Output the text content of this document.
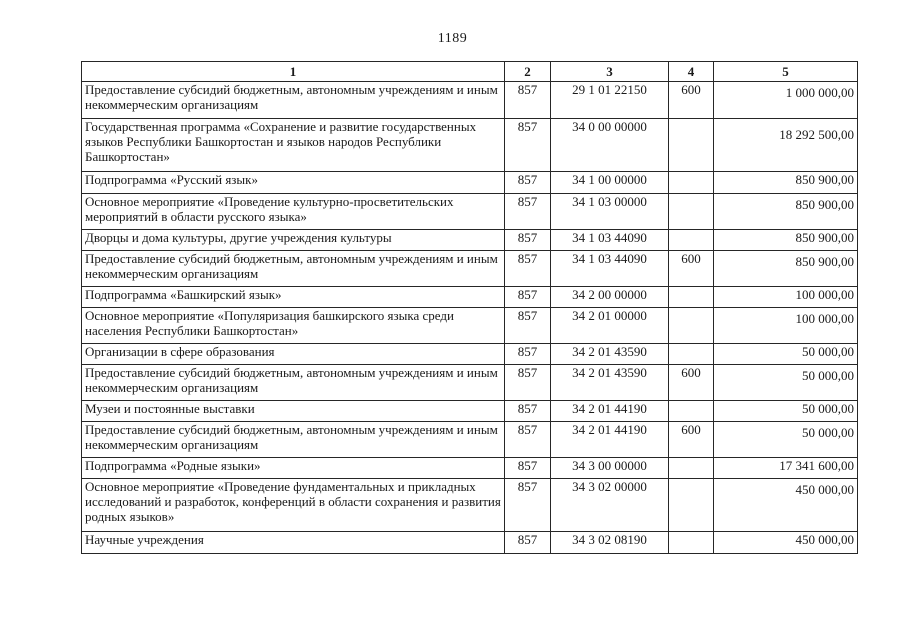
1189
1	2	3	4	5
Предоставление субсидий бюджетным, автономным учреждениям и иным некоммерческим организациям	857	29 1 01 22150	600	1 000 000,00
Государственная программа «Сохранение и развитие государственных языков Республики Башкортостан и языков народов Республики Башкортостан»	857	34 0 00 00000		18 292 500,00
Подпрограмма «Русский язык»	857	34 1 00 00000		850 900,00
Основное мероприятие «Проведение культурно-просветительских мероприятий в области русского языка»	857	34 1 03 00000		850 900,00
Дворцы и дома культуры, другие учреждения культуры	857	34 1 03 44090		850 900,00
Предоставление субсидий бюджетным, автономным учреждениям и иным некоммерческим организациям	857	34 1 03 44090	600	850 900,00
Подпрограмма «Башкирский язык»	857	34 2 00 00000		100 000,00
Основное мероприятие «Популяризация башкирского языка среди населения Республики Башкортостан»	857	34 2 01 00000		100 000,00
Организации в сфере образования	857	34 2 01 43590		50 000,00
Предоставление субсидий бюджетным, автономным учреждениям и иным некоммерческим организациям	857	34 2 01 43590	600	50 000,00
Музеи и постоянные выставки	857	34 2 01 44190		50 000,00
Предоставление субсидий бюджетным, автономным учреждениям и иным некоммерческим организациям	857	34 2 01 44190	600	50 000,00
Подпрограмма «Родные языки»	857	34 3 00 00000		17 341 600,00
Основное мероприятие «Проведение фундаментальных и прикладных исследований и разработок, конференций в области сохранения и развития родных языков»	857	34 3 02 00000		450 000,00
Научные учреждения	857	34 3 02 08190		450 000,00
